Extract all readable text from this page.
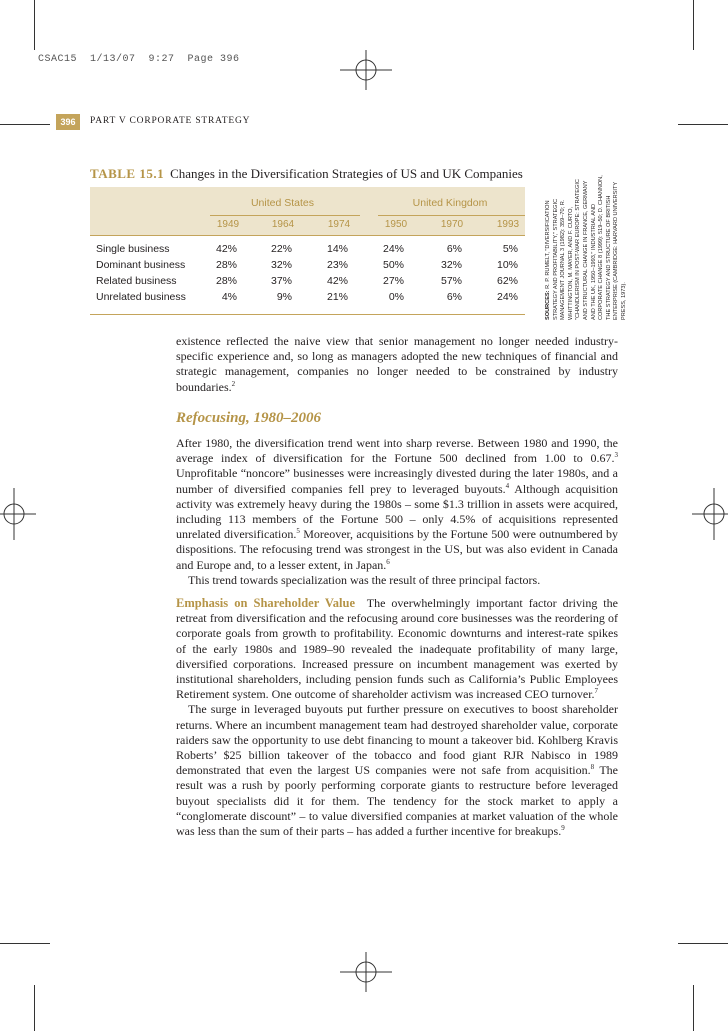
CSAC15  1/13/07  9:27  Page 396
396	PART V CORPORATE STRATEGY
TABLE 15.1 Changes in the Diversification Strategies of US and UK Companies
United States	United Kingdom
1949	1964	1974	1950	1970	1993
Single business	42%	22%	14%	24%	6%	5%
Dominant business	28%	32%	23%	50%	32%	10%
Related business	28%	37%	42%	27%	57%	62%
Unrelated business	4%	9%	21%	0%	6%	24%	SOURCES: R. P. RUMELT, "DIVERSIFICATION STRATEGY AND PROFITABILITY," STRATEGIC MANAGEMENT JOURNAL 3 (1982): 359–70; R. WHITTINGTON, M. MAYER, AND F. CURTO, "CHANDLERISM IN POST-WAR EUROPE: STRATEGIC AND STRUCTURAL CHANGE IN FRANCE, GERMANY AND THE UK, 1950–1993," INDUSTRIAL AND CORPORATE CHANGE 8 (1999): 519–50; D. CHANNON, THE STRATEGY AND STRUCTURE OF BRITISH ENTERPRISE (CAMBRIDGE: HARVARD UNIVERSITY PRESS, 1973).

existence reflected the naive view that senior management no longer needed industry-specific experience and, so long as managers adopted the new techniques of financial and strategic management, companies no longer needed to be constrained by industry boundaries.$^2$

Refocusing, 1980–2006

After 1980, the diversification trend went into sharp reverse. Between 1980 and 1990, the average index of diversification for the Fortune 500 declined from 1.00 to 0.67.$^3$ Unprofitable “noncore” businesses were increasingly divested during the later 1980s, and a number of diversified companies fell prey to leveraged buyouts.$^4$ Although acquisition activity was extremely heavy during the 1980s – some $1.3 trillion in assets were acquired, including 113 members of the Fortune 500 – only 4.5% of acquisitions represented unrelated diversification.$^5$ Moreover, acquisitions by the Fortune 500 were outnumbered by dispositions. The refocusing trend was strongest in the US, but was also evident in Canada and Europe and, to a lesser extent, in Japan.$^6$

This trend towards specialization was the result of three principal factors.

Emphasis on Shareholder Value The overwhelmingly important factor driving the retreat from diversification and the refocusing around core businesses was the reordering of corporate goals from growth to profitability. Economic downturns and interest-rate spikes of the early 1980s and 1989–90 revealed the inadequate profitability of many large, diversified corporations. Increased pressure on incumbent management was exerted by institutional shareholders, including pension funds such as California’s Public Employees Retirement system. One outcome of shareholder activism was increased CEO turnover.$^7$

The surge in leveraged buyouts put further pressure on executives to boost shareholder returns. Where an incumbent management team had destroyed shareholder value, corporate raiders saw the opportunity to use debt financing to mount a takeover bid. Kohlberg Kravis Roberts’ $25 billion takeover of the tobacco and food giant RJR Nabisco in 1989 demonstrated that even the largest US companies were not safe from acquisition.$^8$ The result was a rush by poorly performing corporate giants to restructure before leveraged buyout specialists did it for them. The tendency for the stock market to apply a “conglomerate discount” – to value diversified companies at market valuation of the whole was less than the sum of their parts – has added a further incentive for breakups.$^9$
